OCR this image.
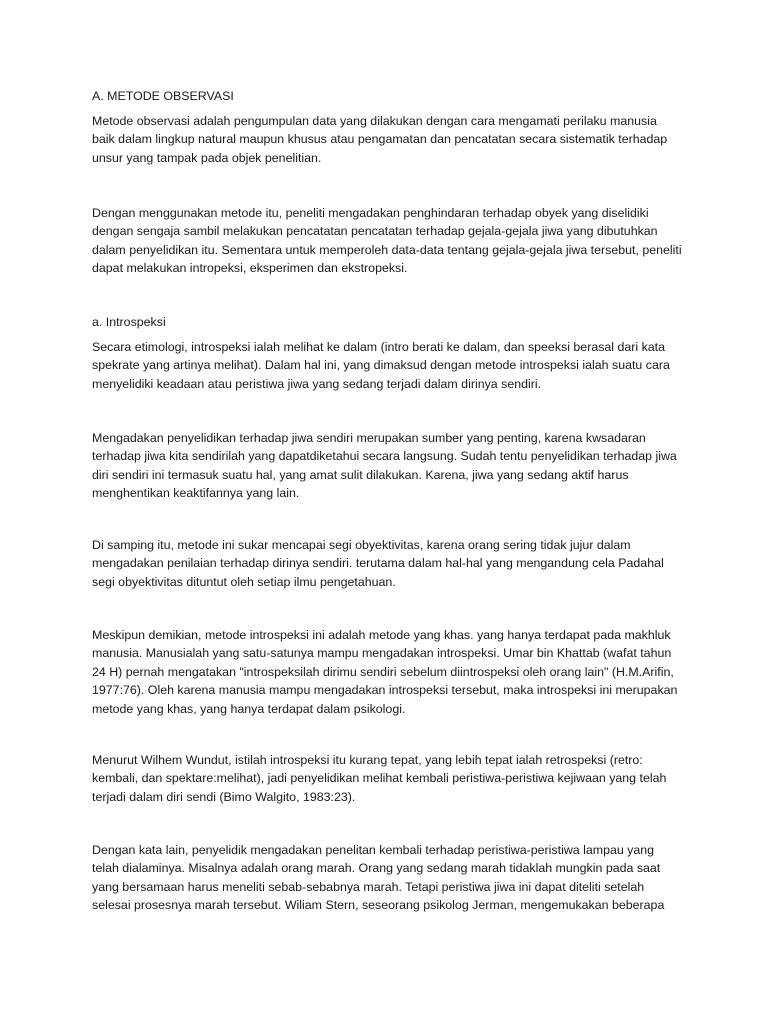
A. METODE OBSERVASI

Metode observasi adalah pengumpulan data yang dilakukan dengan cara mengamati perilaku manusia baik dalam lingkup natural maupun khusus atau pengamatan dan pencatatan secara sistematik terhadap unsur yang tampak pada objek penelitian.

Dengan menggunakan metode itu, peneliti mengadakan penghindaran terhadap obyek yang diselidiki dengan sengaja sambil melakukan pencatatan pencatatan terhadap gejala-gejala jiwa yang dibutuhkan dalam penyelidikan itu. Sementara untuk memperoleh data-data tentang gejala-gejala jiwa tersebut, peneliti dapat melakukan intropeksi, eksperimen dan ekstropeksi.

a. Introspeksi

Secara etimologi, introspeksi ialah melihat ke dalam (intro berati ke dalam, dan speeksi berasal dari kata spekrate yang artinya melihat). Dalam hal ini, yang dimaksud dengan metode introspeksi ialah suatu cara menyelidiki keadaan atau peristiwa jiwa yang sedang terjadi dalam dirinya sendiri.

Mengadakan penyelidikan terhadap jiwa sendiri merupakan sumber yang penting, karena kwsadaran terhadap jiwa kita sendirilah yang dapatdiketahui secara langsung. Sudah tentu penyelidikan terhadap jiwa diri sendiri ini termasuk suatu hal, yang amat sulit dilakukan. Karena, jiwa yang sedang aktif harus menghentikan keaktifannya yang lain.

Di samping itu, metode ini sukar mencapai segi obyektivitas, karena orang sering tidak jujur dalam mengadakan penilaian terhadap dirinya sendiri. terutama dalam hal-hal yang mengandung cela Padahal segi obyektivitas dituntut oleh setiap ilmu pengetahuan.

Meskipun demikian, metode introspeksi ini adalah metode yang khas. yang hanya terdapat pada makhluk manusia. Manusialah yang satu-satunya mampu mengadakan introspeksi. Umar bin Khattab (wafat tahun 24 H) pernah mengatakan "introspeksilah dirimu sendiri sebelum diintrospeksi oleh orang lain" (H.M.Arifin, 1977:76). Oleh karena manusia mampu mengadakan introspeksi tersebut, maka introspeksi ini merupakan metode yang khas, yang hanya terdapat dalam psikologi.

Menurut Wilhem Wundut, istilah introspeksi itu kurang tepat, yang lebih tepat ialah retrospeksi (retro: kembali, dan spektare:melihat), jadi penyelidikan melihat kembali peristiwa-peristiwa kejiwaan yang telah terjadi dalam diri sendi (Bimo Walgito, 1983:23).

Dengan kata lain, penyelidik mengadakan penelitan kembali terhadap peristiwa-peristiwa lampau yang telah dialaminya. Misalnya adalah orang marah. Orang yang sedang marah tidaklah mungkin pada saat yang bersamaan harus meneliti sebab-sebabnya marah. Tetapi peristiwa jiwa ini dapat diteliti setelah selesai prosesnya marah tersebut. Wiliam Stern, seseorang psikolog Jerman, mengemukakan beberapa
